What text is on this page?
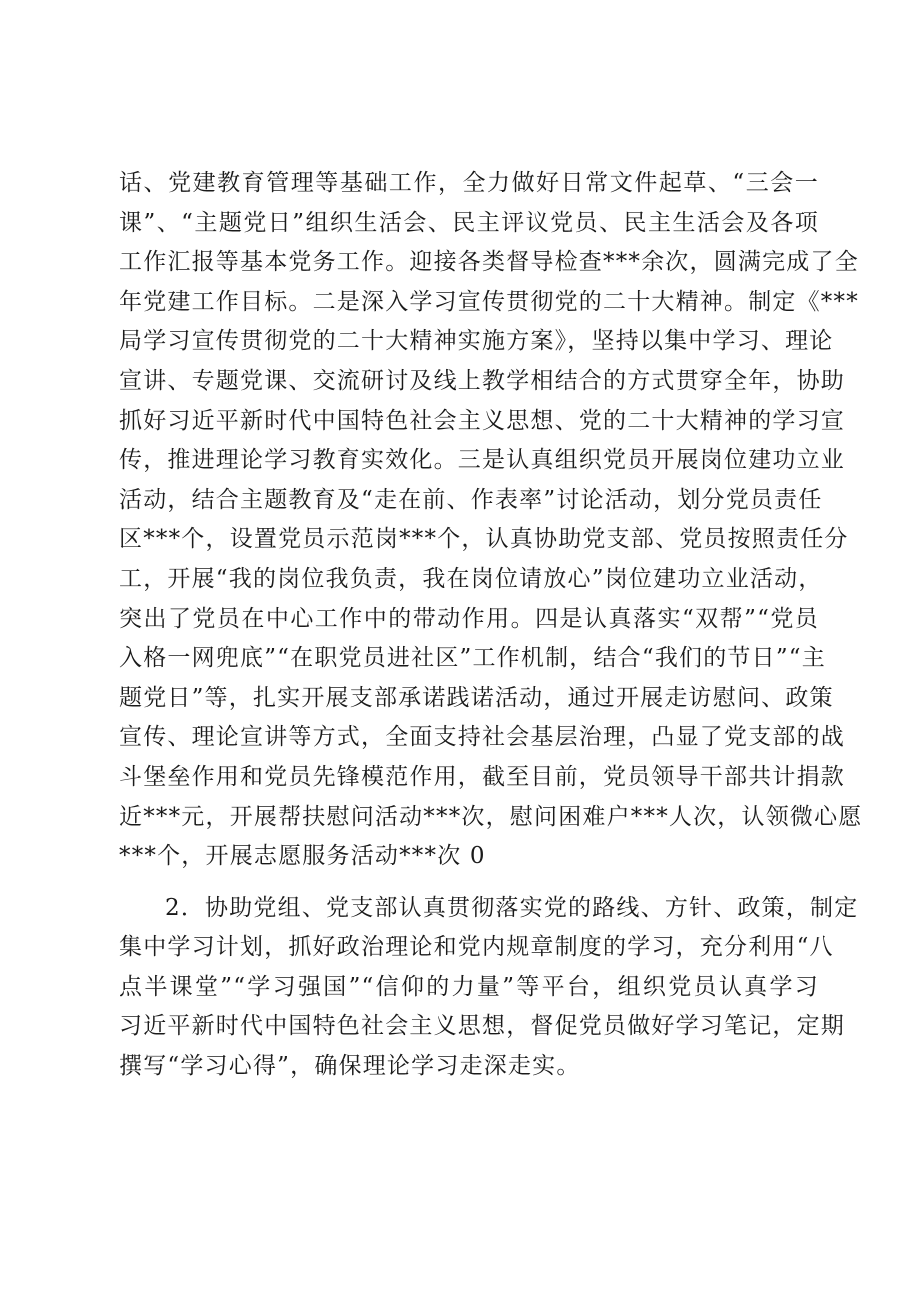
话、党建教育管理等基础工作，全力做好日常文件起草、“三会一
课”、“主题党日”组织生活会、民主评议党员、民主生活会及各项
工作汇报等基本党务工作。迎接各类督导检查***余次，圆满完成了全
年党建工作目标。二是深入学习宣传贯彻党的二十大精神。制定《***
局学习宣传贯彻党的二十大精神实施方案》，坚持以集中学习、理论
宣讲、专题党课、交流研讨及线上教学相结合的方式贯穿全年，协助
抓好习近平新时代中国特色社会主义思想、党的二十大精神的学习宣
传，推进理论学习教育实效化。三是认真组织党员开展岗位建功立业
活动，结合主题教育及“走在前、作表率”讨论活动，划分党员责任
区***个，设置党员示范岗***个，认真协助党支部、党员按照责任分
工，开展“我的岗位我负责，我在岗位请放心”岗位建功立业活动，
突出了党员在中心工作中的带动作用。四是认真落实“双帮”“党员
入格一网兜底”“在职党员进社区”工作机制，结合“我们的节日”“主
题党日”等，扎实开展支部承诺践诺活动，通过开展走访慰问、政策
宣传、理论宣讲等方式，全面支持社会基层治理，凸显了党支部的战
斗堡垒作用和党员先锋模范作用，截至目前，党员领导干部共计捐款
近***元，开展帮扶慰问活动***次，慰问困难户***人次，认领微心愿
***个，开展志愿服务活动***次 0
2．协助党组、党支部认真贯彻落实党的路线、方针、政策，制定
集中学习计划，抓好政治理论和党内规章制度的学习，充分利用“八
点半课堂”“学习强国”“信仰的力量”等平台，组织党员认真学习
习近平新时代中国特色社会主义思想，督促党员做好学习笔记，定期
撰写“学习心得”，确保理论学习走深走实。
